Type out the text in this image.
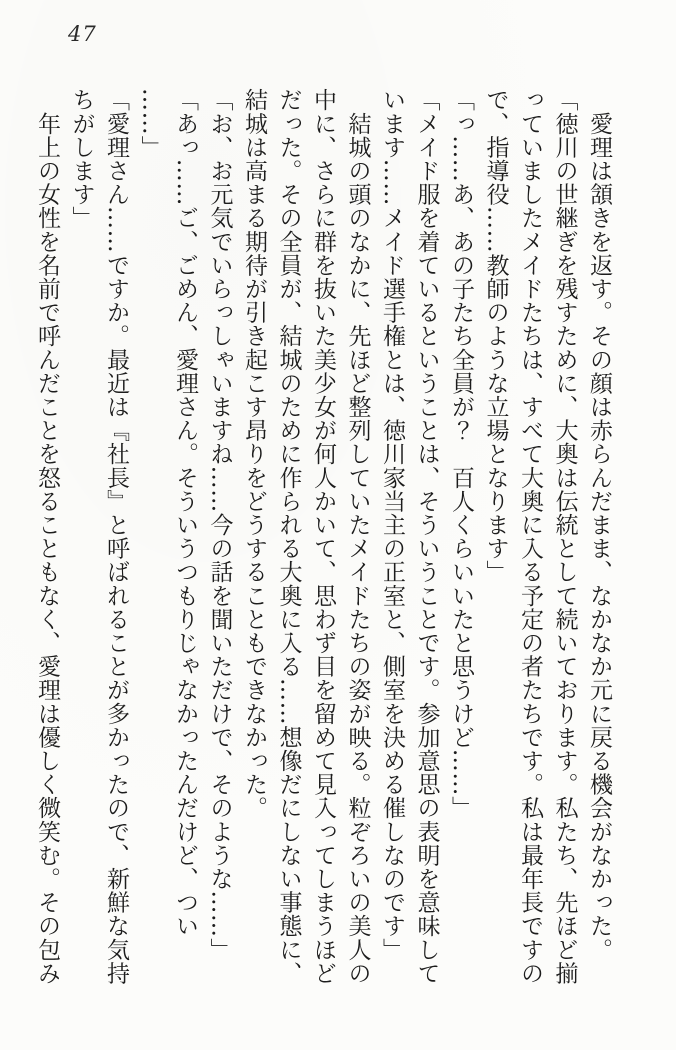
47
　愛理は頷きを返す。その顔は赤らんだまま、なかなか元に戻る機会がなかった。
「徳川の世継ぎを残すために、大奥は伝統として続いております。私たち、先ほど揃
っていましたメイドたちは、すべて大奥に入る予定の者たちです。私は最年長ですの
で、指導役……教師のような立場となります」
「っ……あ、あの子たち全員が？　百人くらいいたと思うけど……」
「メイド服を着ているということは、そういうことです。参加意思の表明を意味して
います……メイド選手権とは、徳川家当主の正室と、側室を決める催しなのです」
　結城の頭のなかに、先ほど整列していたメイドたちの姿が映る。粒ぞろいの美人の
中に、さらに群を抜いた美少女が何人かいて、思わず目を留めて見入ってしまうほど
だった。その全員が、結城のために作られる大奥に入る……想像だにしない事態に、
結城は高まる期待が引き起こす昂りをどうすることもできなかった。
「お、お元気でいらっしゃいますね……今の話を聞いただけで、そのような……」
「あっ……ご、ごめん、愛理さん。そういうつもりじゃなかったんだけど、つい
……」
「愛理さん……ですか。最近は『社長』と呼ばれることが多かったので、新鮮な気持
ちがします」
　年上の女性を名前で呼んだことを怒ることもなく、愛理は優しく微笑む。その包み
